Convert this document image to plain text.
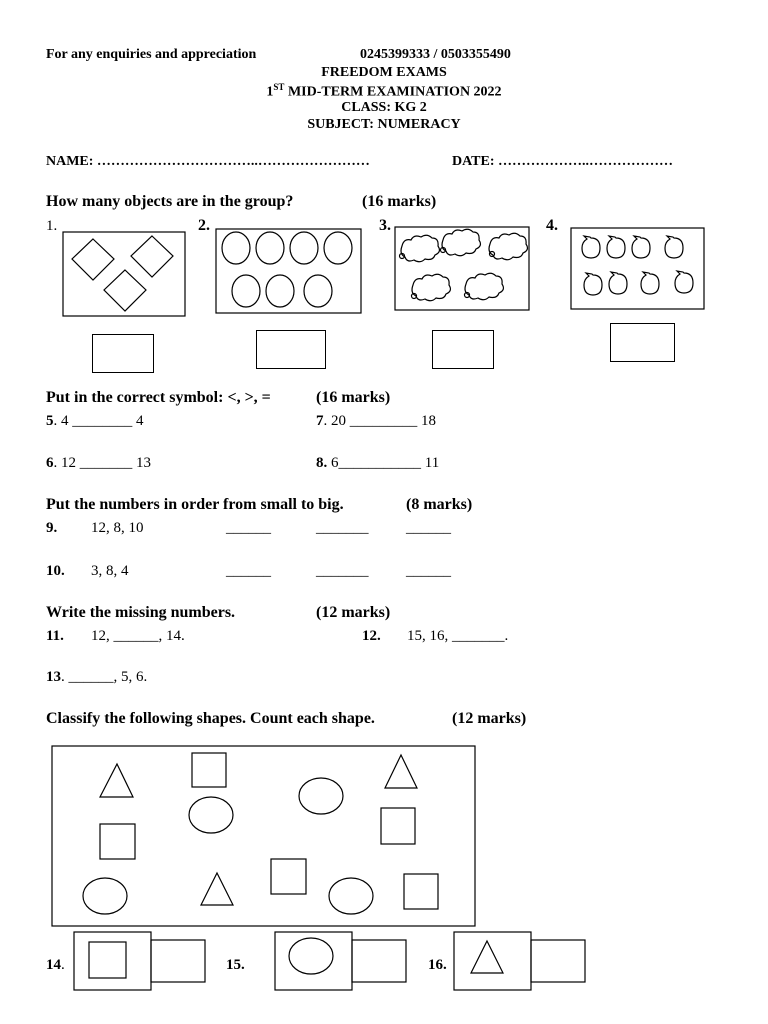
For any enquiries and appreciation	0245399333 / 0503355490
FREEDOM EXAMS
1ST MID-TERM EXAMINATION 2022
CLASS: KG 2
SUBJECT: NUMERACY
NAME: ……………………………..……………………	DATE: ………………..………………
How many objects are in the group?	(16 marks)
1.	2.	3.	4.
Put in the correct symbol: <, >, =	(16 marks)
5. 4 ________ 4	7. 20 _________ 18
6. 12 _______ 13	8. 6___________ 11
Put the numbers in order from small to big.	(8 marks)
9. 12, 8, 10	______	_______	______
10. 3, 8, 4	______	_______	______
Write the missing numbers.	(12 marks)
11. 12, ______, 14.	12. 15, 16, _______.
13. ______, 5, 6.
Classify the following shapes. Count each shape.	(12 marks)
14.	15.	16.
